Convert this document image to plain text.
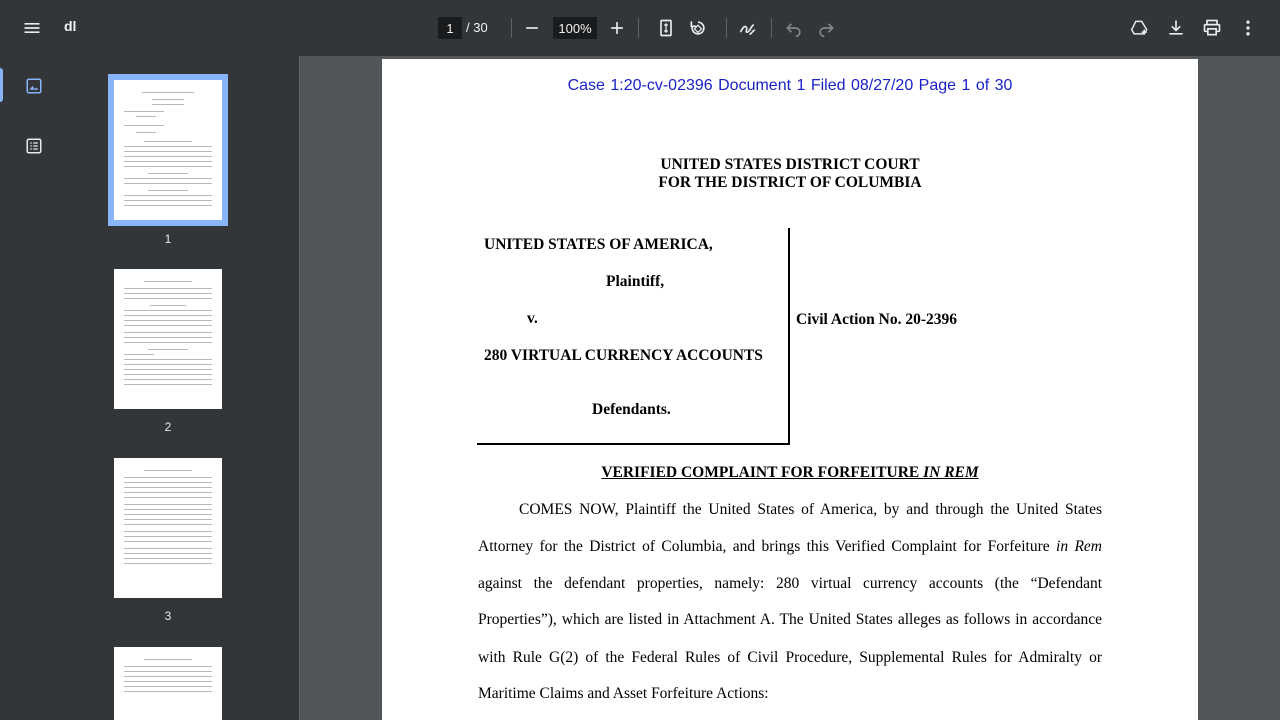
dl
1	/ 30
100%
1
2
3
Case 1:20-cv-02396 Document 1 Filed 08/27/20 Page 1 of 30
UNITED STATES DISTRICT COURT
FOR THE DISTRICT OF COLUMBIA
UNITED STATES OF AMERICA,
Plaintiff,
v.
280 VIRTUAL CURRENCY ACCOUNTS
Defendants.
Civil Action No. 20-2396
VERIFIED COMPLAINT FOR FORFEITURE IN REM
COMES NOW, Plaintiff the United States of America, by and through the United States
Attorney for the District of Columbia, and brings this Verified Complaint for Forfeiture in Rem
against the defendant properties, namely: 280 virtual currency accounts (the “Defendant
Properties”), which are listed in Attachment A. The United States alleges as follows in accordance
with Rule G(2) of the Federal Rules of Civil Procedure, Supplemental Rules for Admiralty or
Maritime Claims and Asset Forfeiture Actions:
